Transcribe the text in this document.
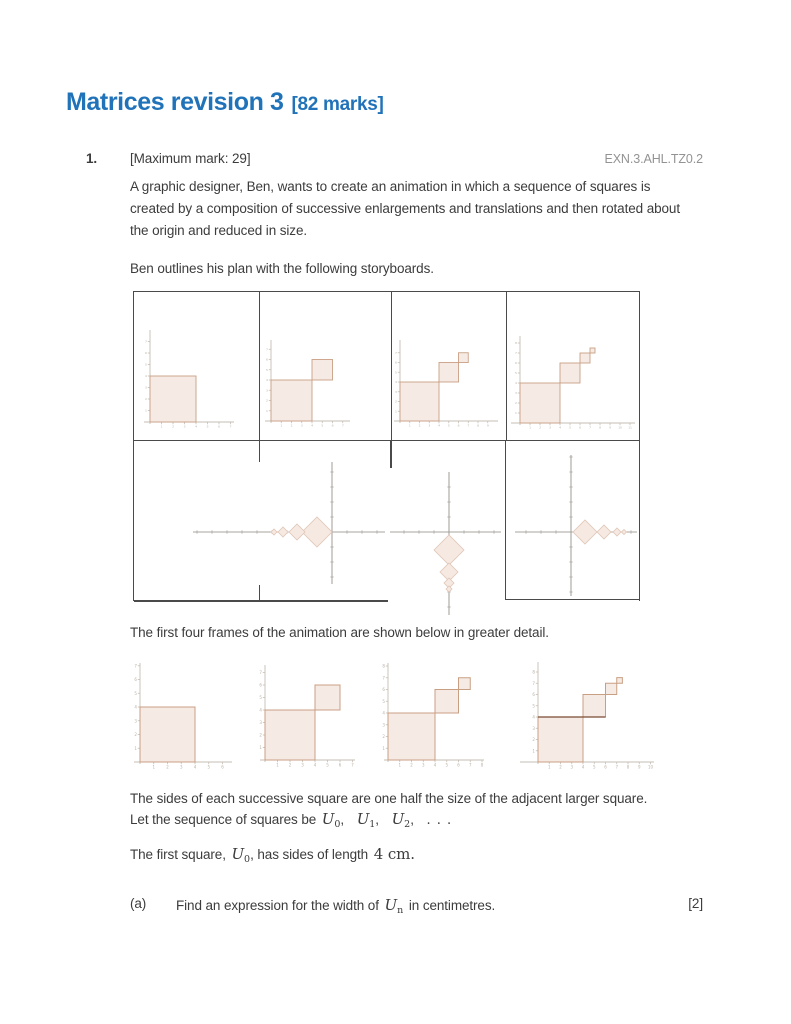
Matrices revision 3 [82 marks]
1. [Maximum mark: 29]	EXN.3.AHL.TZ0.2
A graphic designer, Ben, wants to create an animation in which a sequence of squares is created by a composition of successive enlargements and translations and then rotated about the origin and reduced in size.
Ben outlines his plan with the following storyboards.
1	2	3	4	5	6	7
1
2
3
4
5
6
7
1	2	3	4	5	6	7
1
2
3
4
5
6
7
1	2	3	4	5	6	7	8	9
1
2
3
4
5
6
7
1	2	3	4	5	6	7	8	9 10 11
1
2
3
4
5
6
7
8
The first four frames of the animation are shown below in greater detail.
1	2	3	4	5	6
1
2
3
4
5
6
7
1	2	3	4	5	6	7
1
2
3
4
5
6
7
1 2 3 4 5 6 7 8
1
2
3
4
5
6
7
8
1 2 3 4 5 6 7 8 9 10
1
2
3
4
5
6
7
8
The sides of each successive square are one half the size of the adjacent larger square.
Let the sequence of squares be $U_0$, $U_1$, $U_2$, . . .
The first square, $U_0$, has sides of length 4 cm.
(a) Find an expression for the width of $U_n$ in centimetres.	[2]
